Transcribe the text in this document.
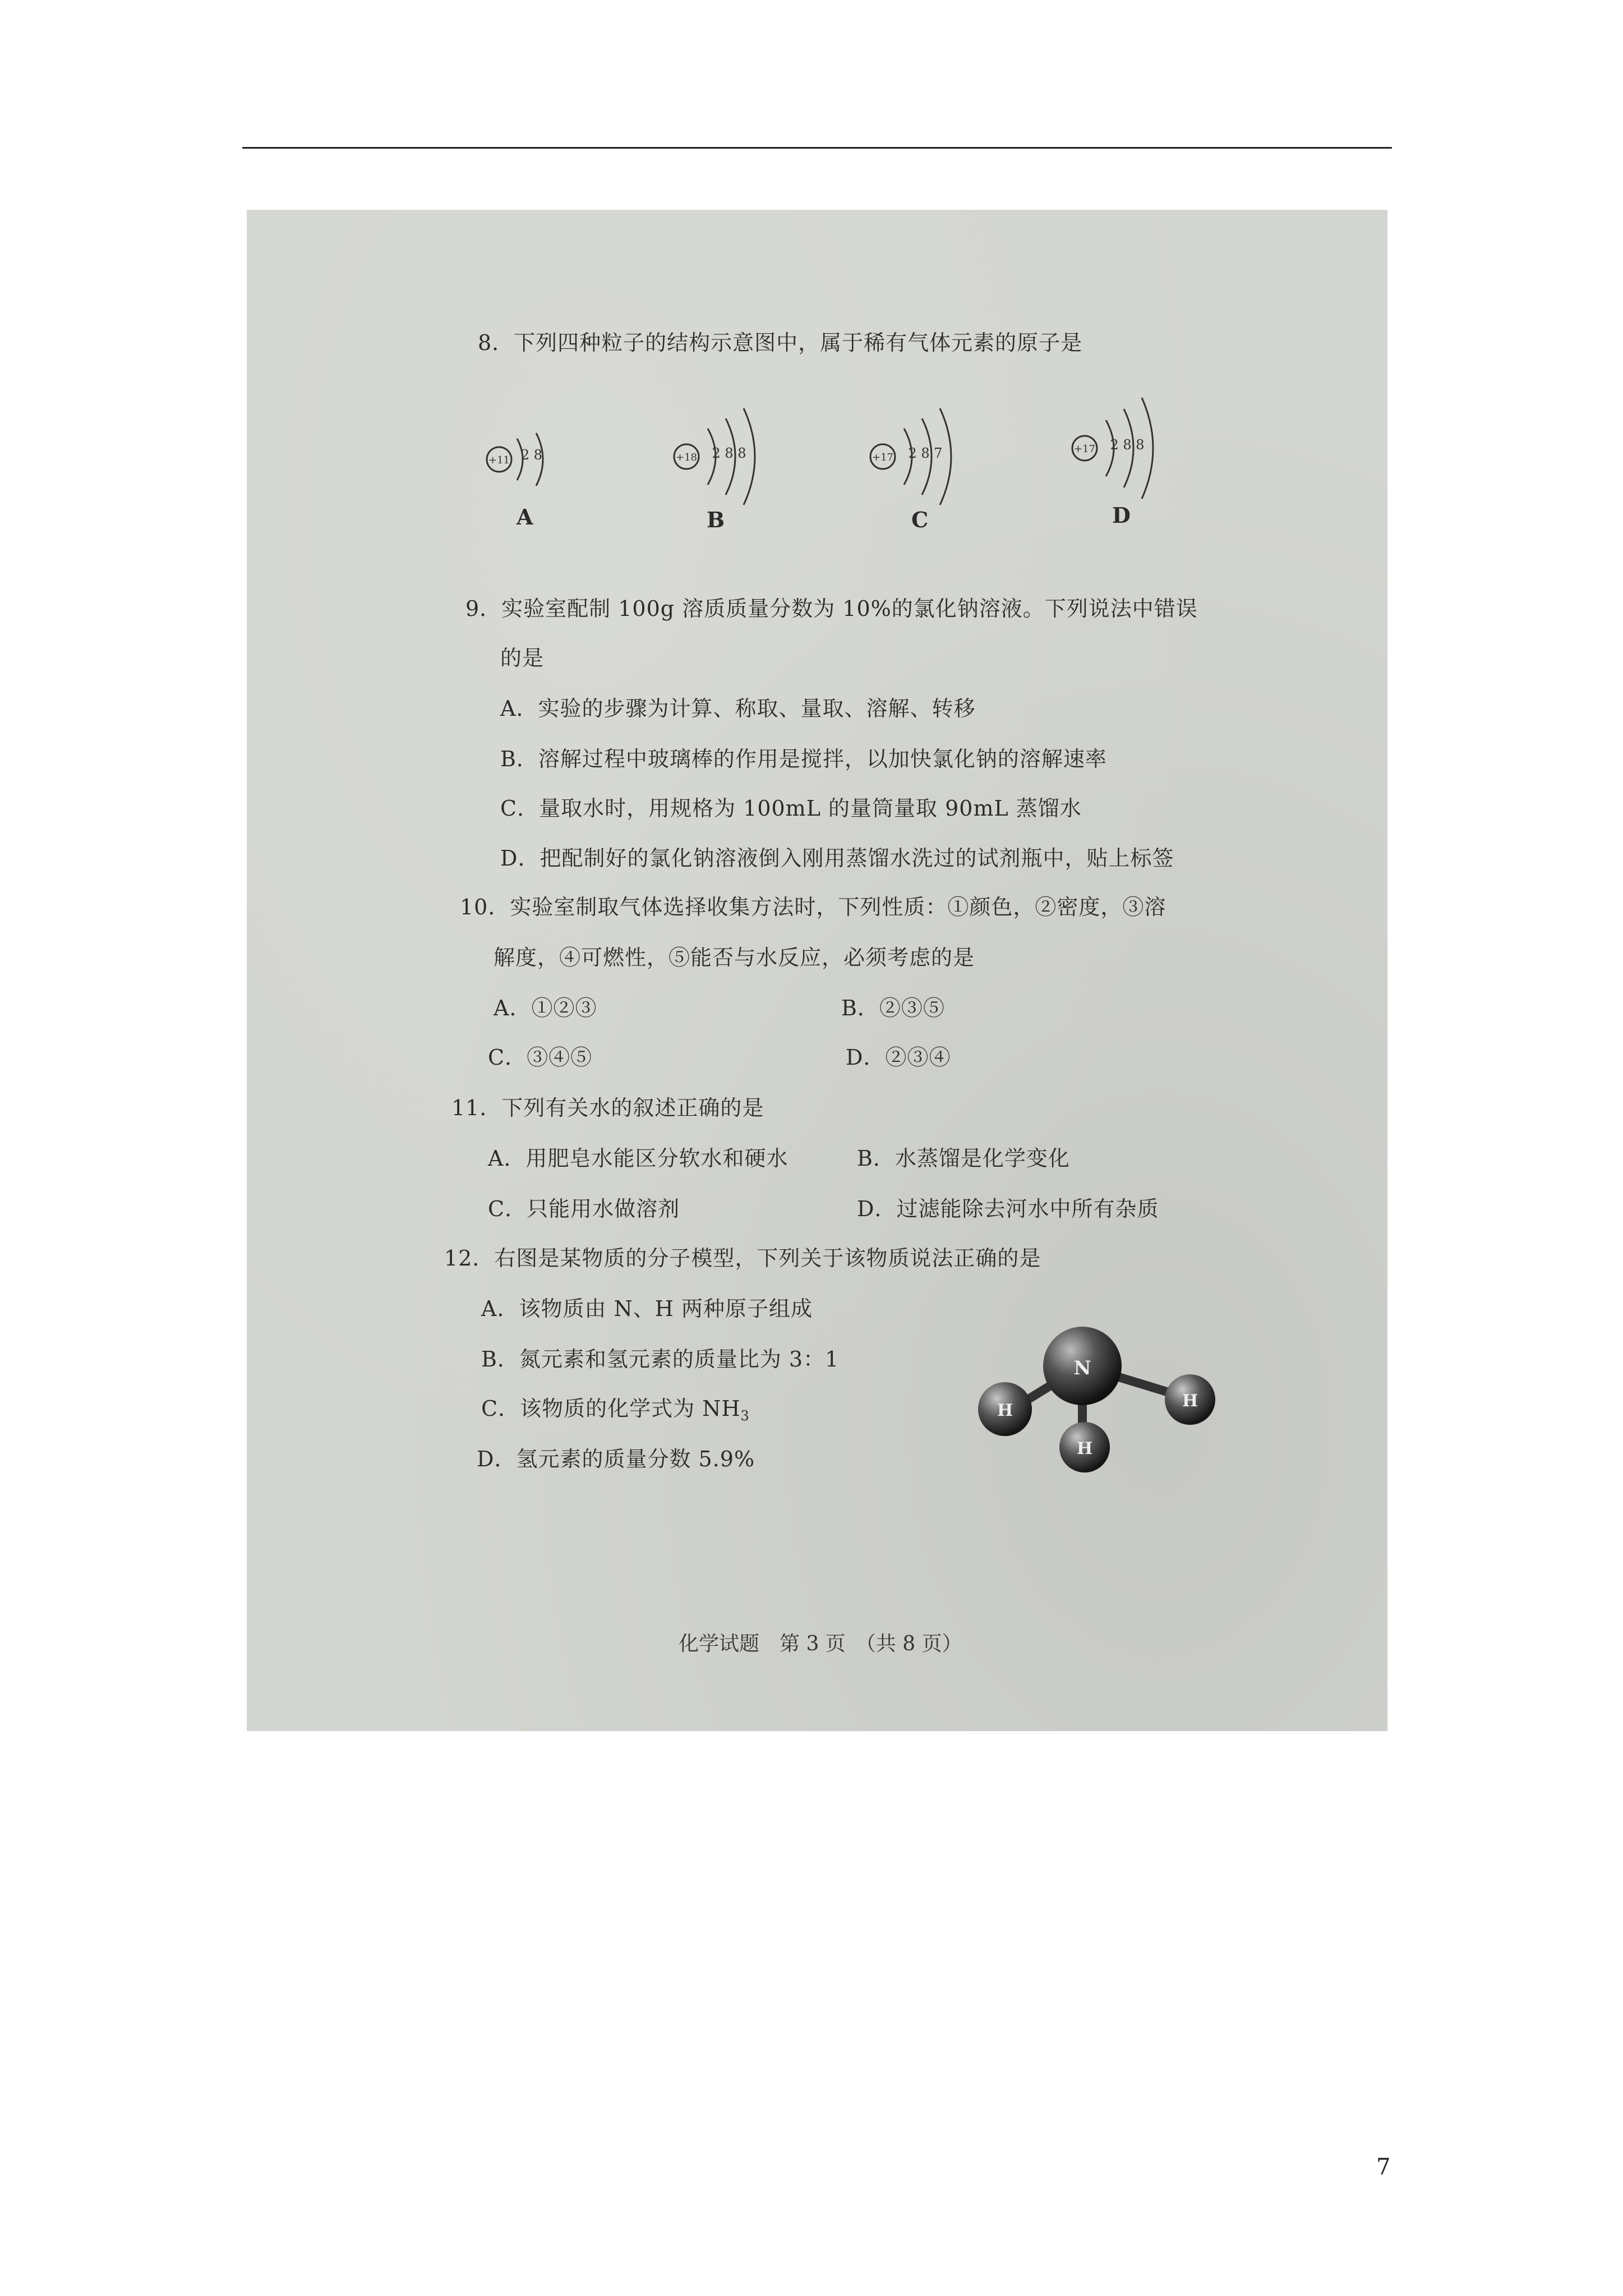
8．下列四种粒子的结构示意图中，属于稀有气体元素的原子是
+11 2 8
A
+18 2 8 8
B
+17 2 8 7
C
+17 2 8 8
D
9．实验室配制 100g 溶质质量分数为 10%的氯化钠溶液。下列说法中错误
的是
A．实验的步骤为计算、称取、量取、溶解、转移
B．溶解过程中玻璃棒的作用是搅拌，以加快氯化钠的溶解速率
C．量取水时，用规格为 100mL 的量筒量取 90mL 蒸馏水
D．把配制好的氯化钠溶液倒入刚用蒸馏水洗过的试剂瓶中，贴上标签
10．实验室制取气体选择收集方法时，下列性质：①颜色，②密度，③溶
解度，④可燃性，⑤能否与水反应，必须考虑的是
A．①②③	B．②③⑤
C．③④⑤	D．②③④
11．下列有关水的叙述正确的是
A．用肥皂水能区分软水和硬水	B．水蒸馏是化学变化
C．只能用水做溶剂	D．过滤能除去河水中所有杂质
12．右图是某物质的分子模型，下列关于该物质说法正确的是
A．该物质由 N、H 两种原子组成
B．氮元素和氢元素的质量比为 3：1
C．该物质的化学式为 $NH_3$
D．氢元素的质量分数 5.9%
化学试题　第 3 页　（共 8 页）
N
H
H
H
7
